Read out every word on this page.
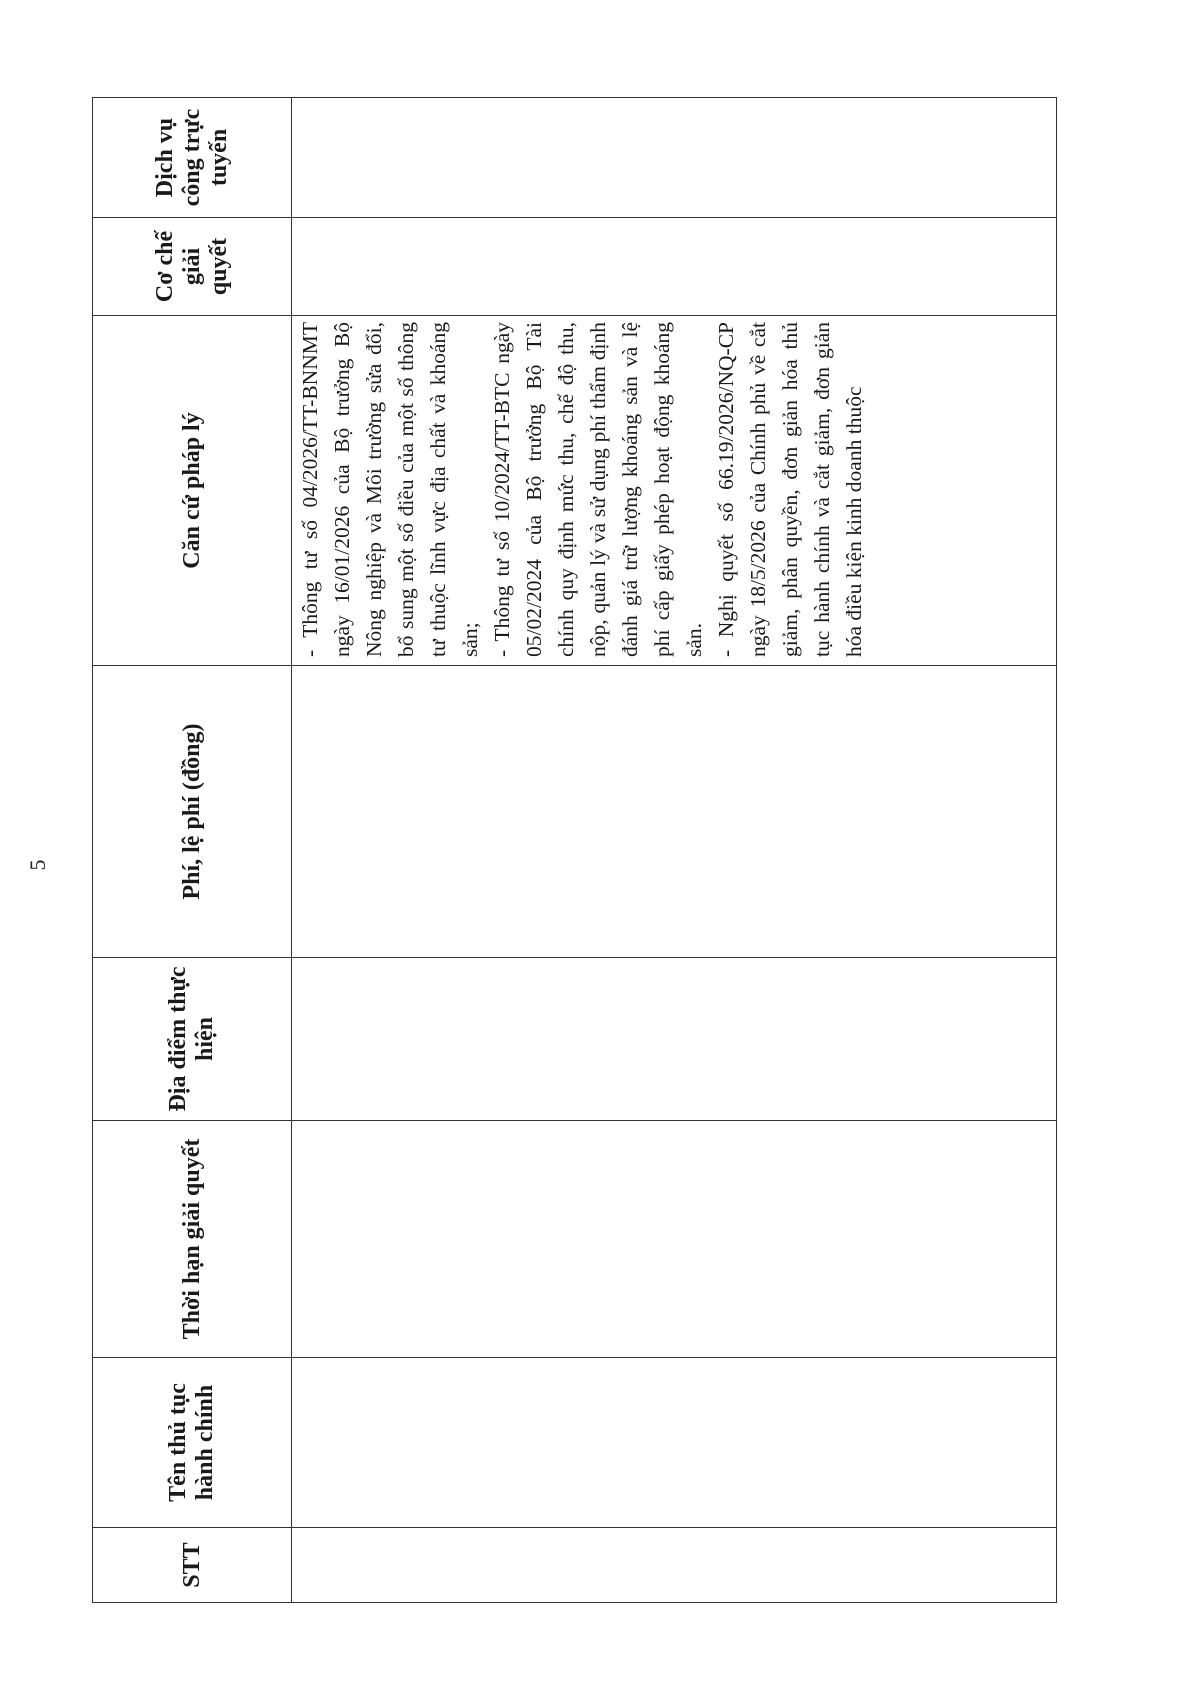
5
STT	Tên thủ tục hành chính	Thời hạn giải quyết	Địa điểm thực hiện	Phí, lệ phí (đồng)	Căn cứ pháp lý	Cơ chế giải quyết	Dịch vụ công trực tuyến

					- Thông tư số 04/2026/TT-BNNMT ngày 16/01/2026 của Bộ trưởng Bộ Nông nghiệp và Môi trường sửa đổi, bổ sung một số điều của một số thông tư thuộc lĩnh vực địa chất và khoáng sản; - Thông tư số 10/2024/TT-BTC ngày 05/02/2024 của Bộ trưởng Bộ Tài chính quy định mức thu, chế độ thu, nộp, quản lý và sử dụng phí thẩm định đánh giá trữ lượng khoáng sản và lệ phí cấp giấy phép hoạt động khoáng sản. - Nghị quyết số 66.19/2026/NQ-CP ngày 18/5/2026 của Chính phủ về cắt giảm, phân quyền, đơn giản hóa thủ tục hành chính và cắt giảm, đơn giản hóa điều kiện kinh doanh thuộc		
